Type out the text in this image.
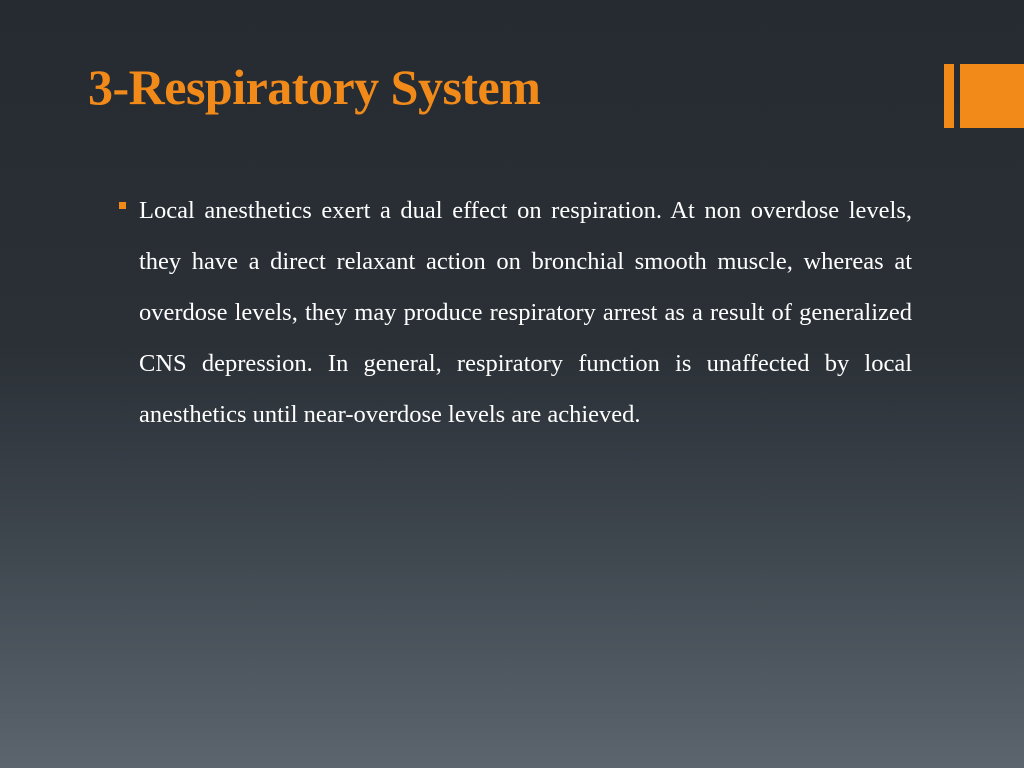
3-Respiratory System
Local anesthetics exert a dual effect on respiration. At non overdose levels, they have a direct relaxant action on bronchial smooth muscle, whereas at overdose levels, they may produce respiratory arrest as a result of generalized CNS depression. In general, respiratory function is unaffected by local anesthetics until near-overdose levels are achieved.
